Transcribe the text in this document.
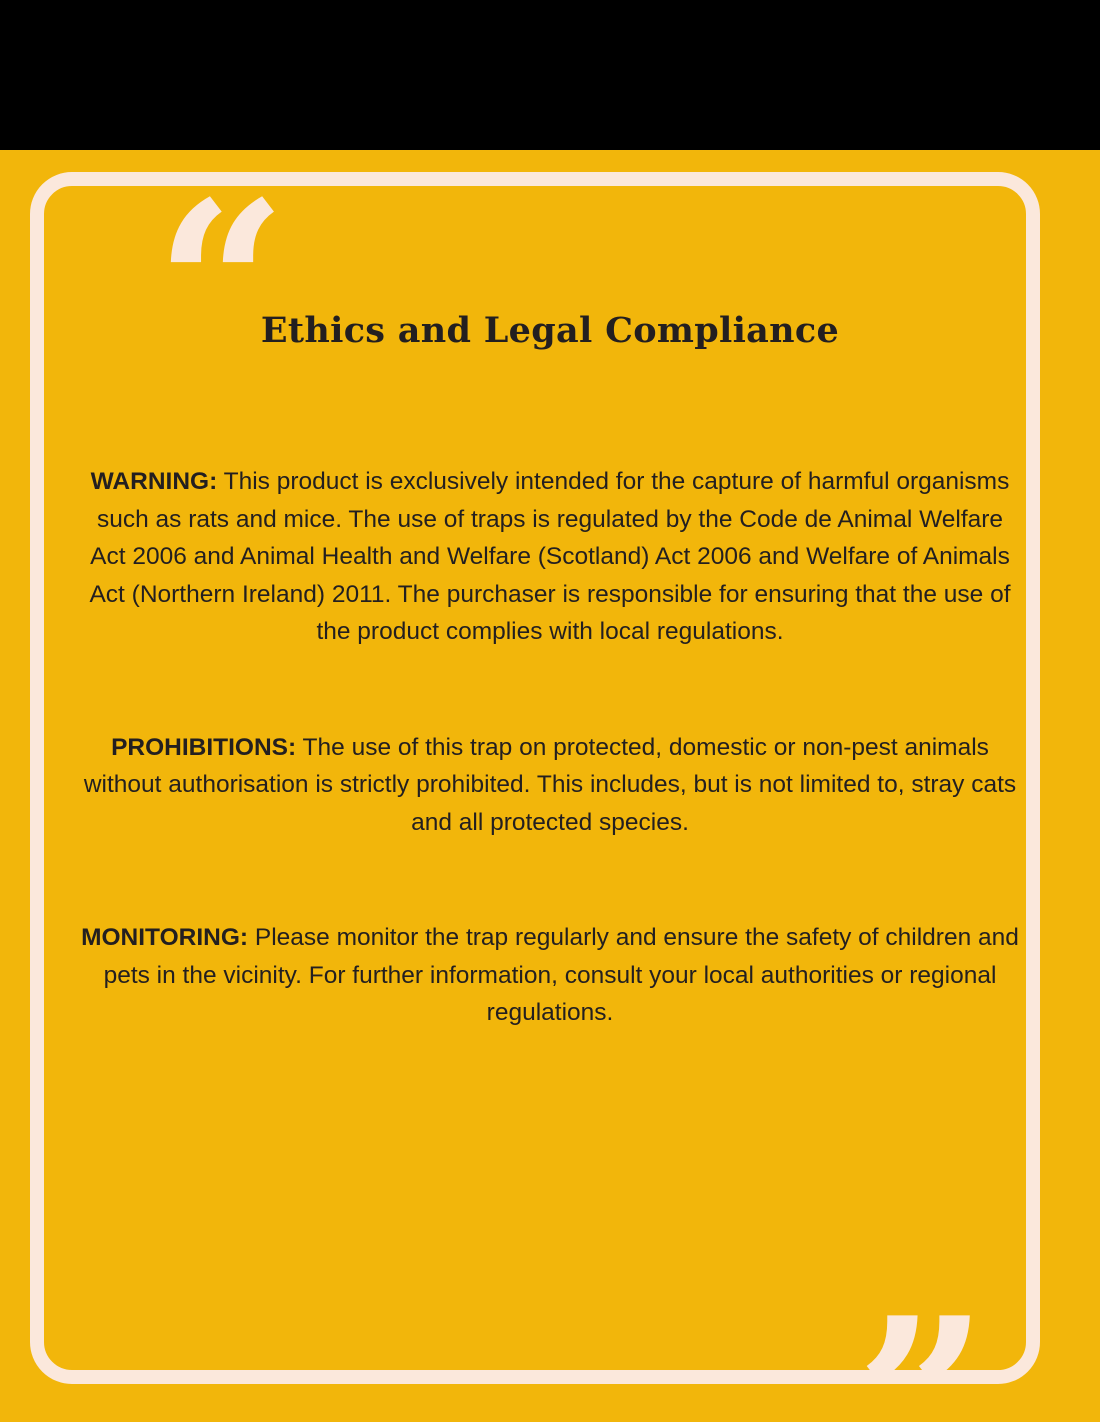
“
”
Ethics and Legal Compliance

WARNING: This product is exclusively intended for the capture of harmful organisms such as rats and mice. The use of traps is regulated by the Code de Animal Welfare Act 2006 and Animal Health and Welfare (Scotland) Act 2006 and Welfare of Animals Act (Northern Ireland) 2011. The purchaser is responsible for ensuring that the use of the product complies with local regulations.

PROHIBITIONS: The use of this trap on protected, domestic or non-pest animals without authorisation is strictly prohibited. This includes, but is not limited to, stray cats and all protected species.

MONITORING: Please monitor the trap regularly and ensure the safety of children and pets in the vicinity. For further information, consult your local authorities or regional regulations.
